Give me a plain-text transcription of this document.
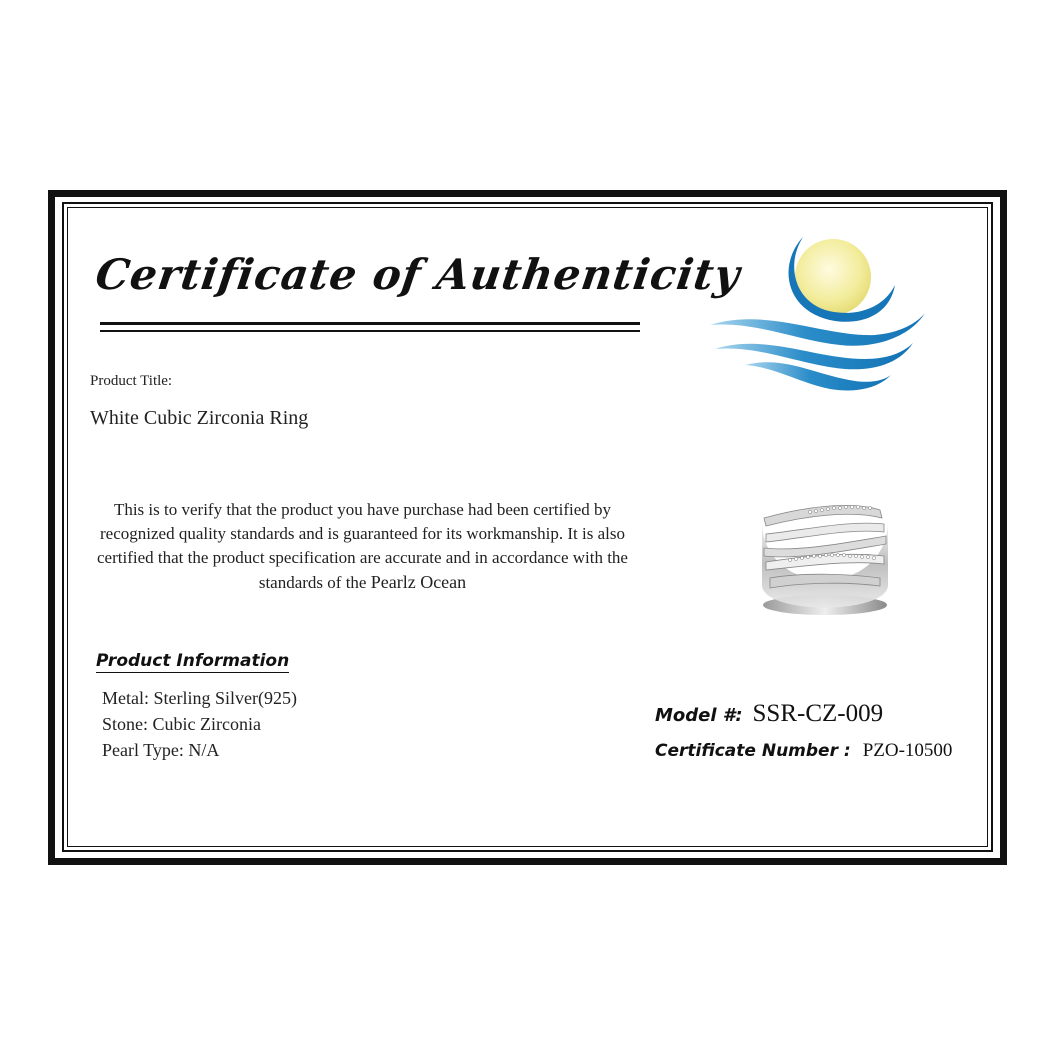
Certificate of Authenticity
Product Title:
White Cubic Zirconia Ring
This is to verify that the product you have purchase had been certified by recognized quality standards and is guaranteed for its workmanship. It is also certified that the product specification are accurate and in accordance with the standards of the Pearlz Ocean
Product Information
Metal: Sterling Silver(925)
Stone: Cubic Zirconia
Pearl Type: N/A
Model #: SSR-CZ-009
Certificate Number : PZO-10500
